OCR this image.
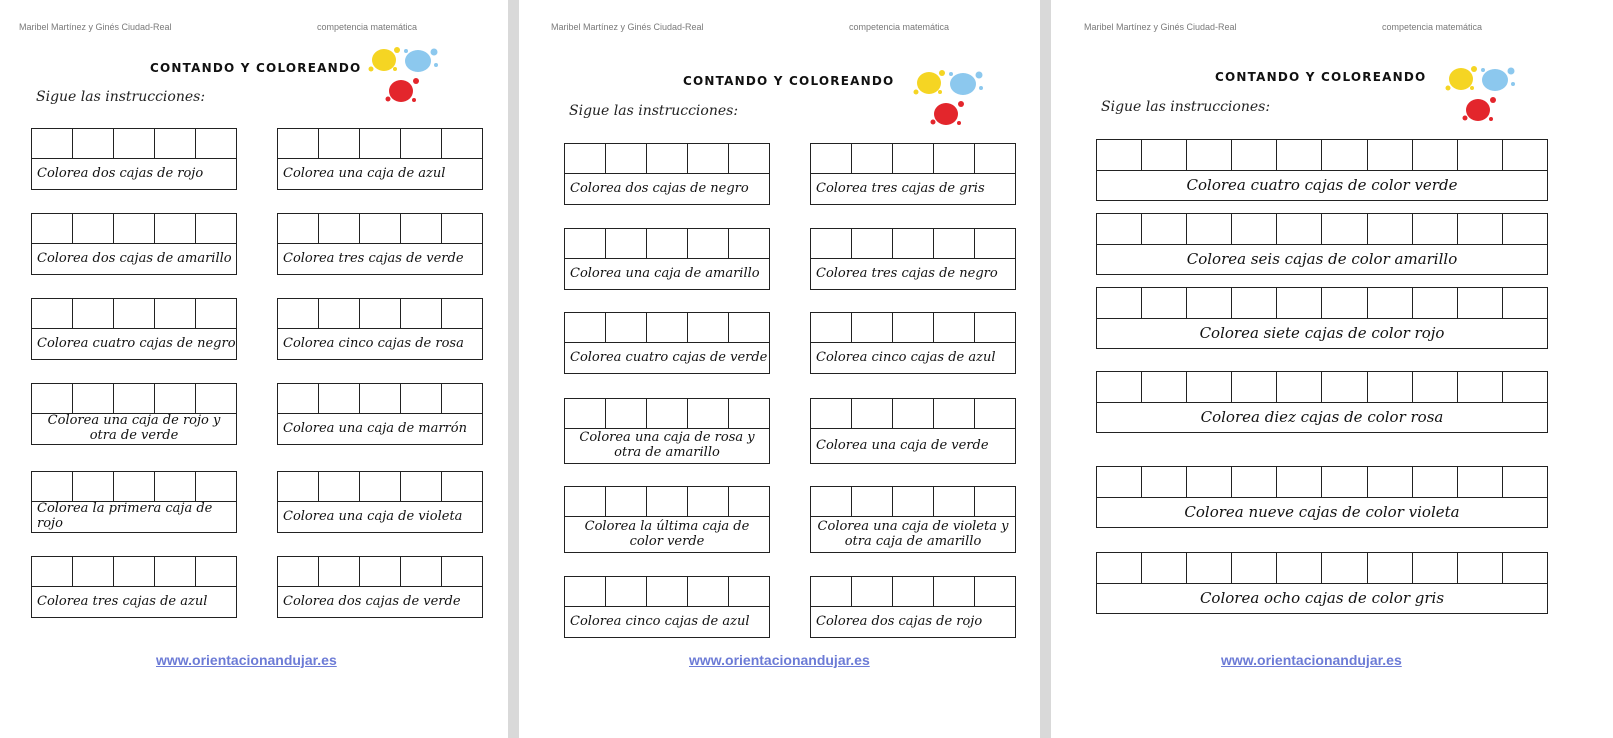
Maribel Martínez y Ginés Ciudad-Real	competencia matemática
CONTANDO Y COLOREANDO
Sigue las instrucciones:
www.orientacionandujar.es
Colorea dos cajas de rojo	Colorea una caja de azul
Colorea dos cajas de amarillo	Colorea tres cajas de verde
Colorea cuatro cajas de negro	Colorea cinco cajas de rosa
Colorea una caja de rojo y otra de verde	Colorea una caja de marrón
Colorea la primera caja de rojo	Colorea una caja de violeta
Colorea tres cajas de azul	Colorea dos cajas de verde
Maribel Martínez y Ginés Ciudad-Real	competencia matemática
CONTANDO Y COLOREANDO
Sigue las instrucciones:
www.orientacionandujar.es
Colorea dos cajas de negro	Colorea tres cajas de gris
Colorea una caja de amarillo	Colorea tres cajas de negro
Colorea cuatro cajas de verde	Colorea cinco cajas de azul
Colorea una caja de rosa y otra de amarillo	Colorea una caja de verde
Colorea la última caja de color verde
Colorea una caja de violeta y otra caja de amarillo
Colorea cinco cajas de azul	Colorea dos cajas de rojo
Maribel Martínez y Ginés Ciudad-Real	competencia matemática
CONTANDO Y COLOREANDO
Sigue las instrucciones:
www.orientacionandujar.es
Colorea cuatro cajas de color verde
Colorea seis cajas de color amarillo
Colorea siete cajas de color rojo
Colorea diez cajas de color rosa
Colorea nueve cajas de color violeta
Colorea ocho cajas de color gris
